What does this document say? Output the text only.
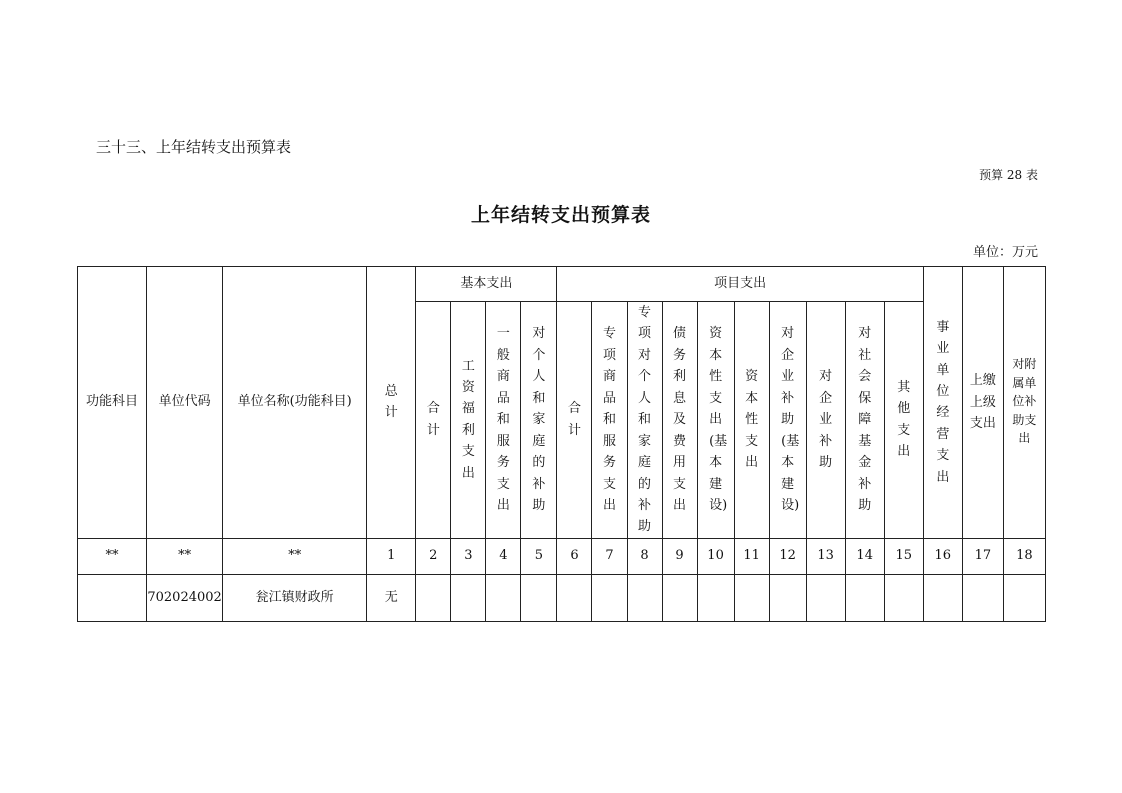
三十三、上年结转支出预算表
预算 28 表
上年结转支出预算表
单位：万元
功能科目	单位代码	单位名称(功能科目)	总计	基本支出				项目支出										事业单位经营支出	上缴上级支出	对附属单位补助支出
				合计	工资福利支出	一般商品和服务支出	对个人和家庭的补助	合计	专项商品和服务支出	专项对个人和家庭的补助	债务利息及费用支出	资本性支出(基本建设)	资本性支出	对企业补助(基本建设)	对企业补助	对社会保障基金补助	其他支出			
**	**	**	1	2	3	4	5	6	7	8	9	10	11	12	13	14	15	16	17	18
	702024002	瓮江镇财政所	无																	
